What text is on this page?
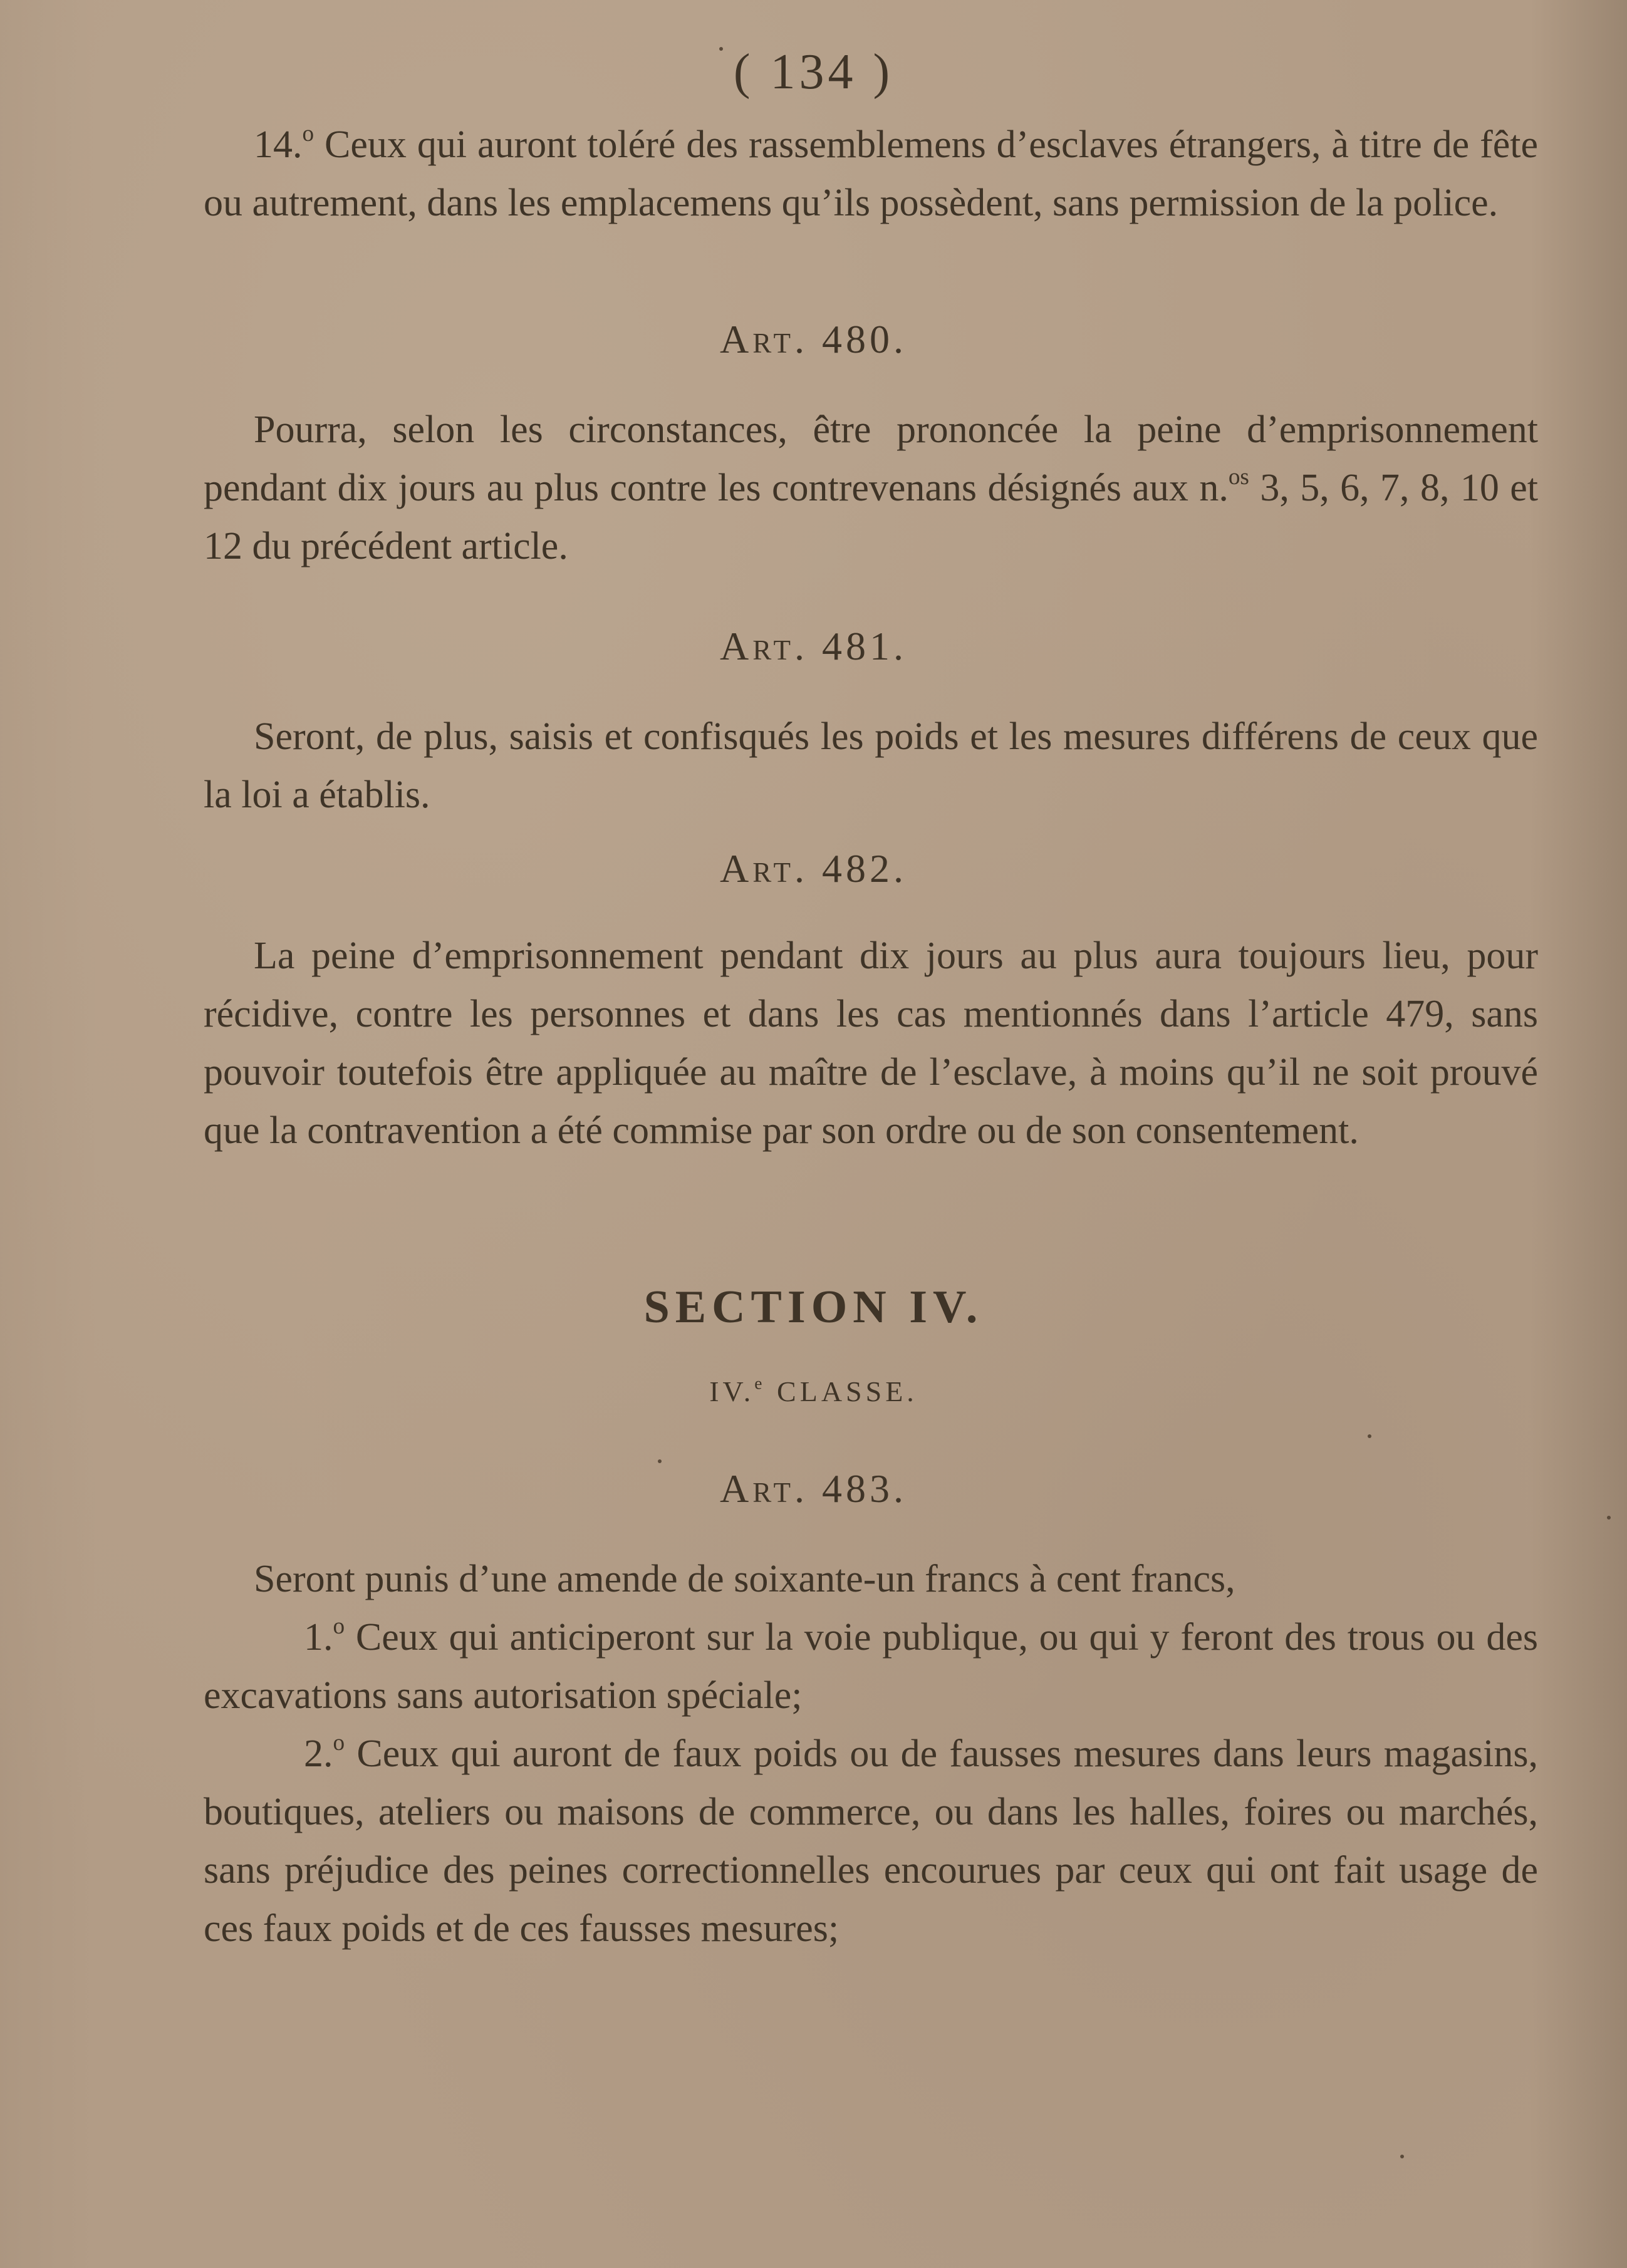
( 134 )
14.$^o$ Ceux qui auront toléré des rassemblemens d’esclaves étrangers, à titre de fête ou autrement, dans les emplacemens qu’ils possèdent, sans permission de la police.
Art. 480.
Pourra, selon les circonstances, être prononcée la peine d’emprisonnement pendant dix jours au plus contre les contrevenans désignés aux n.$^{os}$ 3, 5, 6, 7, 8, 10 et 12 du précédent article.
Art. 481.
Seront, de plus, saisis et confisqués les poids et les mesures différens de ceux que la loi a établis.
Art. 482.
La peine d’emprisonnement pendant dix jours au plus aura toujours lieu, pour récidive, contre les personnes et dans les cas mentionnés dans l’article 479, sans pouvoir toutefois être appliquée au maître de l’esclave, à moins qu’il ne soit prouvé que la contravention a été commise par son ordre ou de son consentement.
SECTION IV.
IV.$^e$ CLASSE.
Art. 483.
Seront punis d’une amende de soixante-un francs à cent francs,
1.$^o$ Ceux qui anticiperont sur la voie publique, ou qui y feront des trous ou des excavations sans autorisation spéciale;
2.$^o$ Ceux qui auront de faux poids ou de fausses mesures dans leurs magasins, boutiques, ateliers ou maisons de commerce, ou dans les halles, foires ou marchés, sans préjudice des peines correctionnelles encourues par ceux qui ont fait usage de ces faux poids et de ces fausses mesures;
